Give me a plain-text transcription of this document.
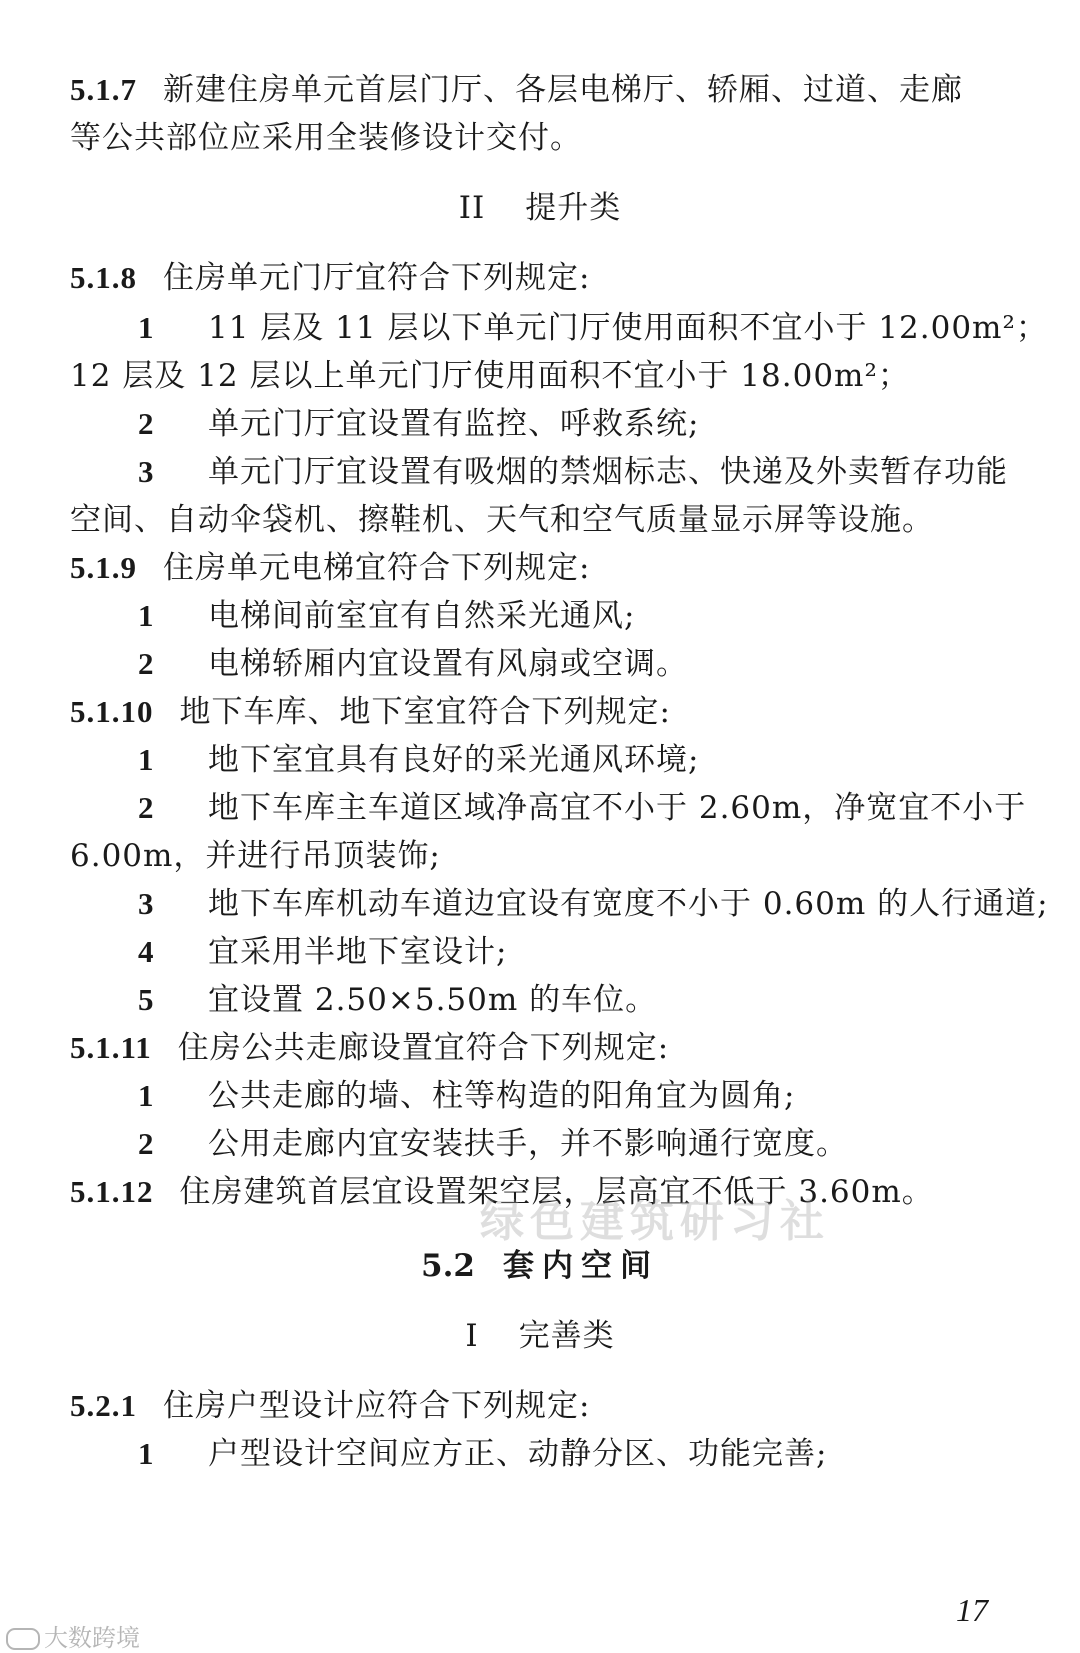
5.1.7 新建住房单元首层门厅、各层电梯厅、轿厢、过道、走廊
等公共部位应采用全装修设计交付。
II 提升类
5.1.8 住房单元门厅宜符合下列规定:
1 11 层及 11 层以下单元门厅使用面积不宜小于 12.00m²；
12 层及 12 层以上单元门厅使用面积不宜小于 18.00m²；
2 单元门厅宜设置有监控、呼救系统;
3 单元门厅宜设置有吸烟的禁烟标志、快递及外卖暂存功能
空间、自动伞袋机、擦鞋机、天气和空气质量显示屏等设施。
5.1.9 住房单元电梯宜符合下列规定:
1 电梯间前室宜有自然采光通风;
2 电梯轿厢内宜设置有风扇或空调。
5.1.10 地下车库、地下室宜符合下列规定:
1 地下室宜具有良好的采光通风环境;
2 地下车库主车道区域净高宜不小于 2.60m，净宽宜不小于
6.00m，并进行吊顶装饰;
3 地下车库机动车道边宜设有宽度不小于 0.60m 的人行通道;
4 宜采用半地下室设计;
5 宜设置 2.50×5.50m 的车位。
5.1.11 住房公共走廊设置宜符合下列规定:
1 公共走廊的墙、柱等构造的阳角宜为圆角;
2 公用走廊内宜安装扶手，并不影响通行宽度。
5.1.12 住房建筑首层宜设置架空层，层高宜不低于 3.60m。
5.2 套内空间
I 完善类
5.2.1 住房户型设计应符合下列规定:
1 户型设计空间应方正、动静分区、功能完善;
17
绿色建筑研习社
大数跨境
